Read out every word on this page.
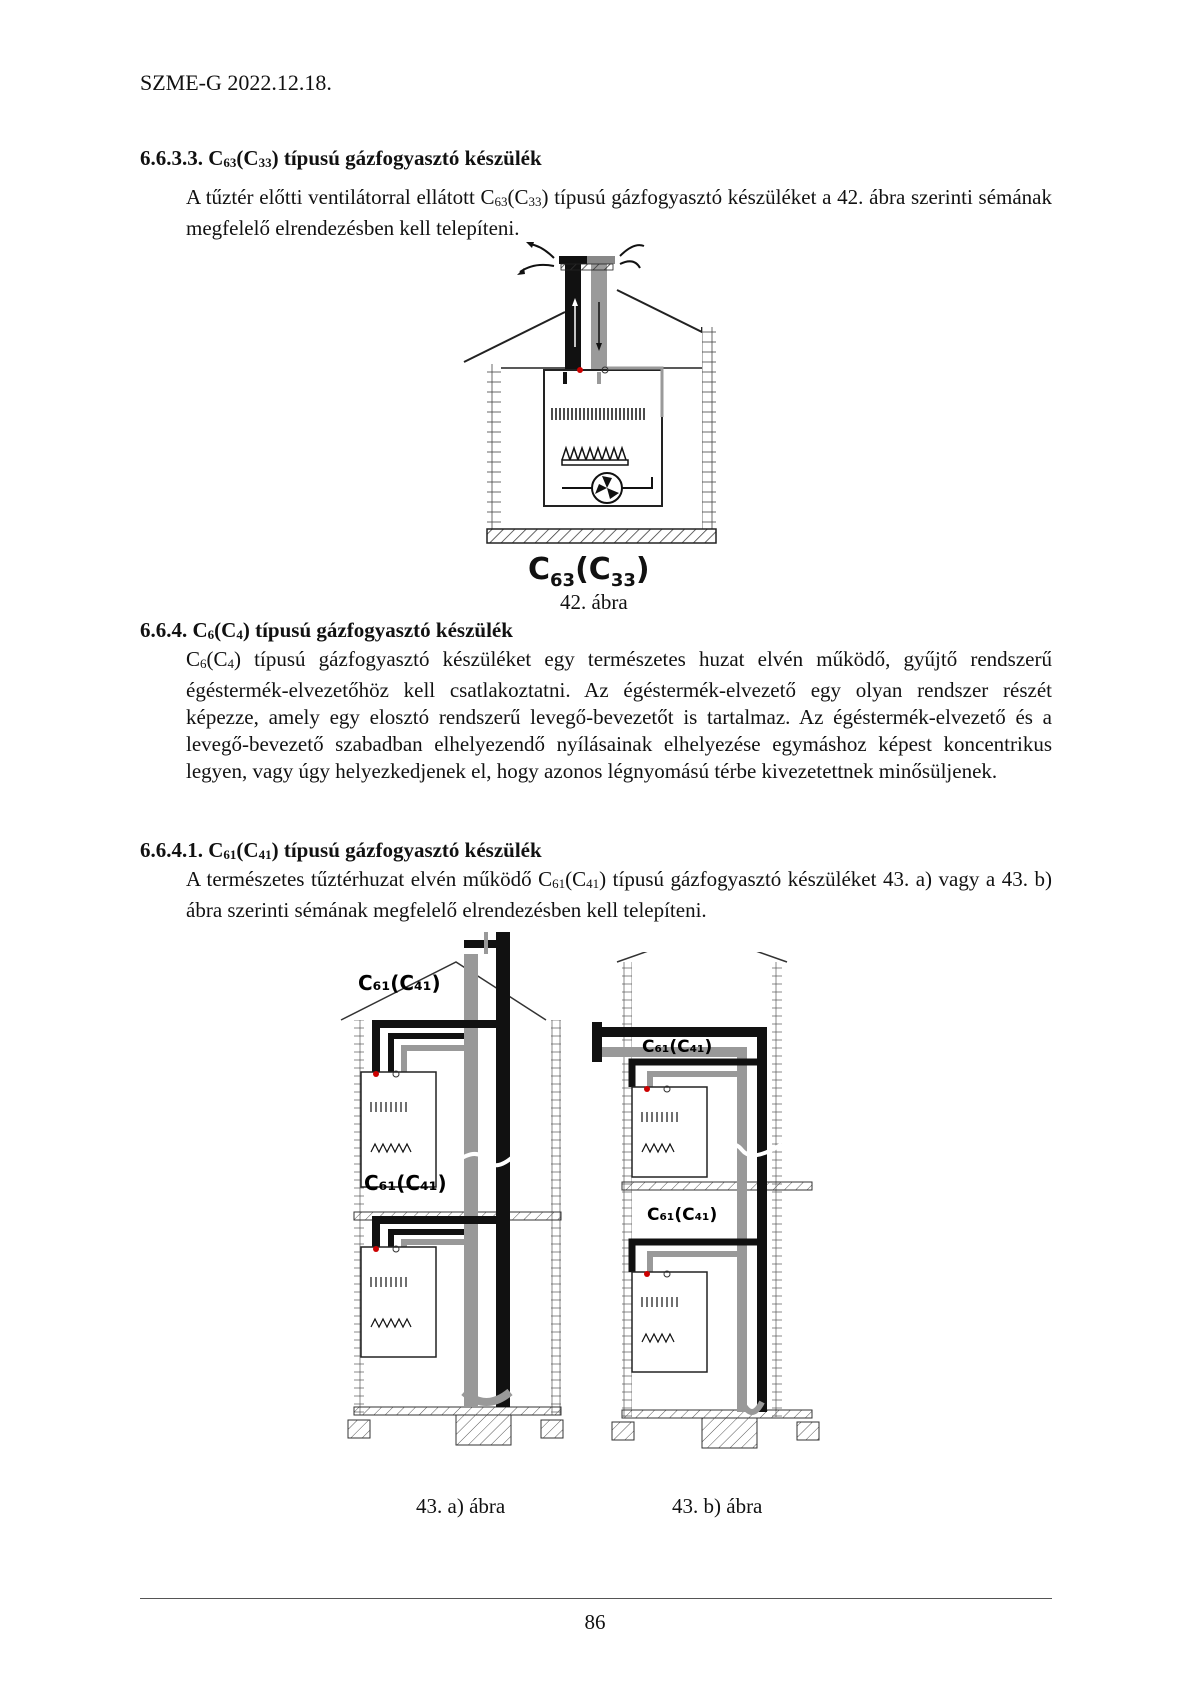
SZME-G 2022.12.18.
6.6.3.3. $C_{63}(C_{33})$ típusú gázfogyasztó készülék
A tűztér előtti ventilátorral ellátott $C_{63}(C_{33})$ típusú gázfogyasztó készüléket a 42. ábra szerinti sémának megfelelő elrendezésben kell telepíteni.
$C_{63}(C_{33})$
42. ábra
6.6.4. $C_6(C_4)$ típusú gázfogyasztó készülék
$C_6(C_4)$ típusú gázfogyasztó készüléket egy természetes huzat elvén működő, gyűjtő rendszerű égéstermék-elvezetőhöz kell csatlakoztatni. Az égéstermék-elvezető egy olyan rendszer részét képezze, amely egy elosztó rendszerű levegő-bevezetőt is tartalmaz. Az égéstermék-elvezető és a levegő-bevezető szabadban elhelyezendő nyílásainak elhelyezése egymáshoz képest koncentrikus legyen, vagy úgy helyezkedjenek el, hogy azonos légnyomású térbe kivezetettnek minősüljenek.
6.6.4.1. $C_{61}(C_{41})$ típusú gázfogyasztó készülék
A természetes tűztérhuzat elvén működő $C_{61}(C_{41})$ típusú gázfogyasztó készüléket 43. a) vagy a 43. b) ábra szerinti sémának megfelelő elrendezésben kell telepíteni.
C₆₁(C₄₁)
C₆₁(C₄₁)
C₆₁(C₄₁)
C₆₁(C₄₁)
43. a) ábra	43. b) ábra
86
